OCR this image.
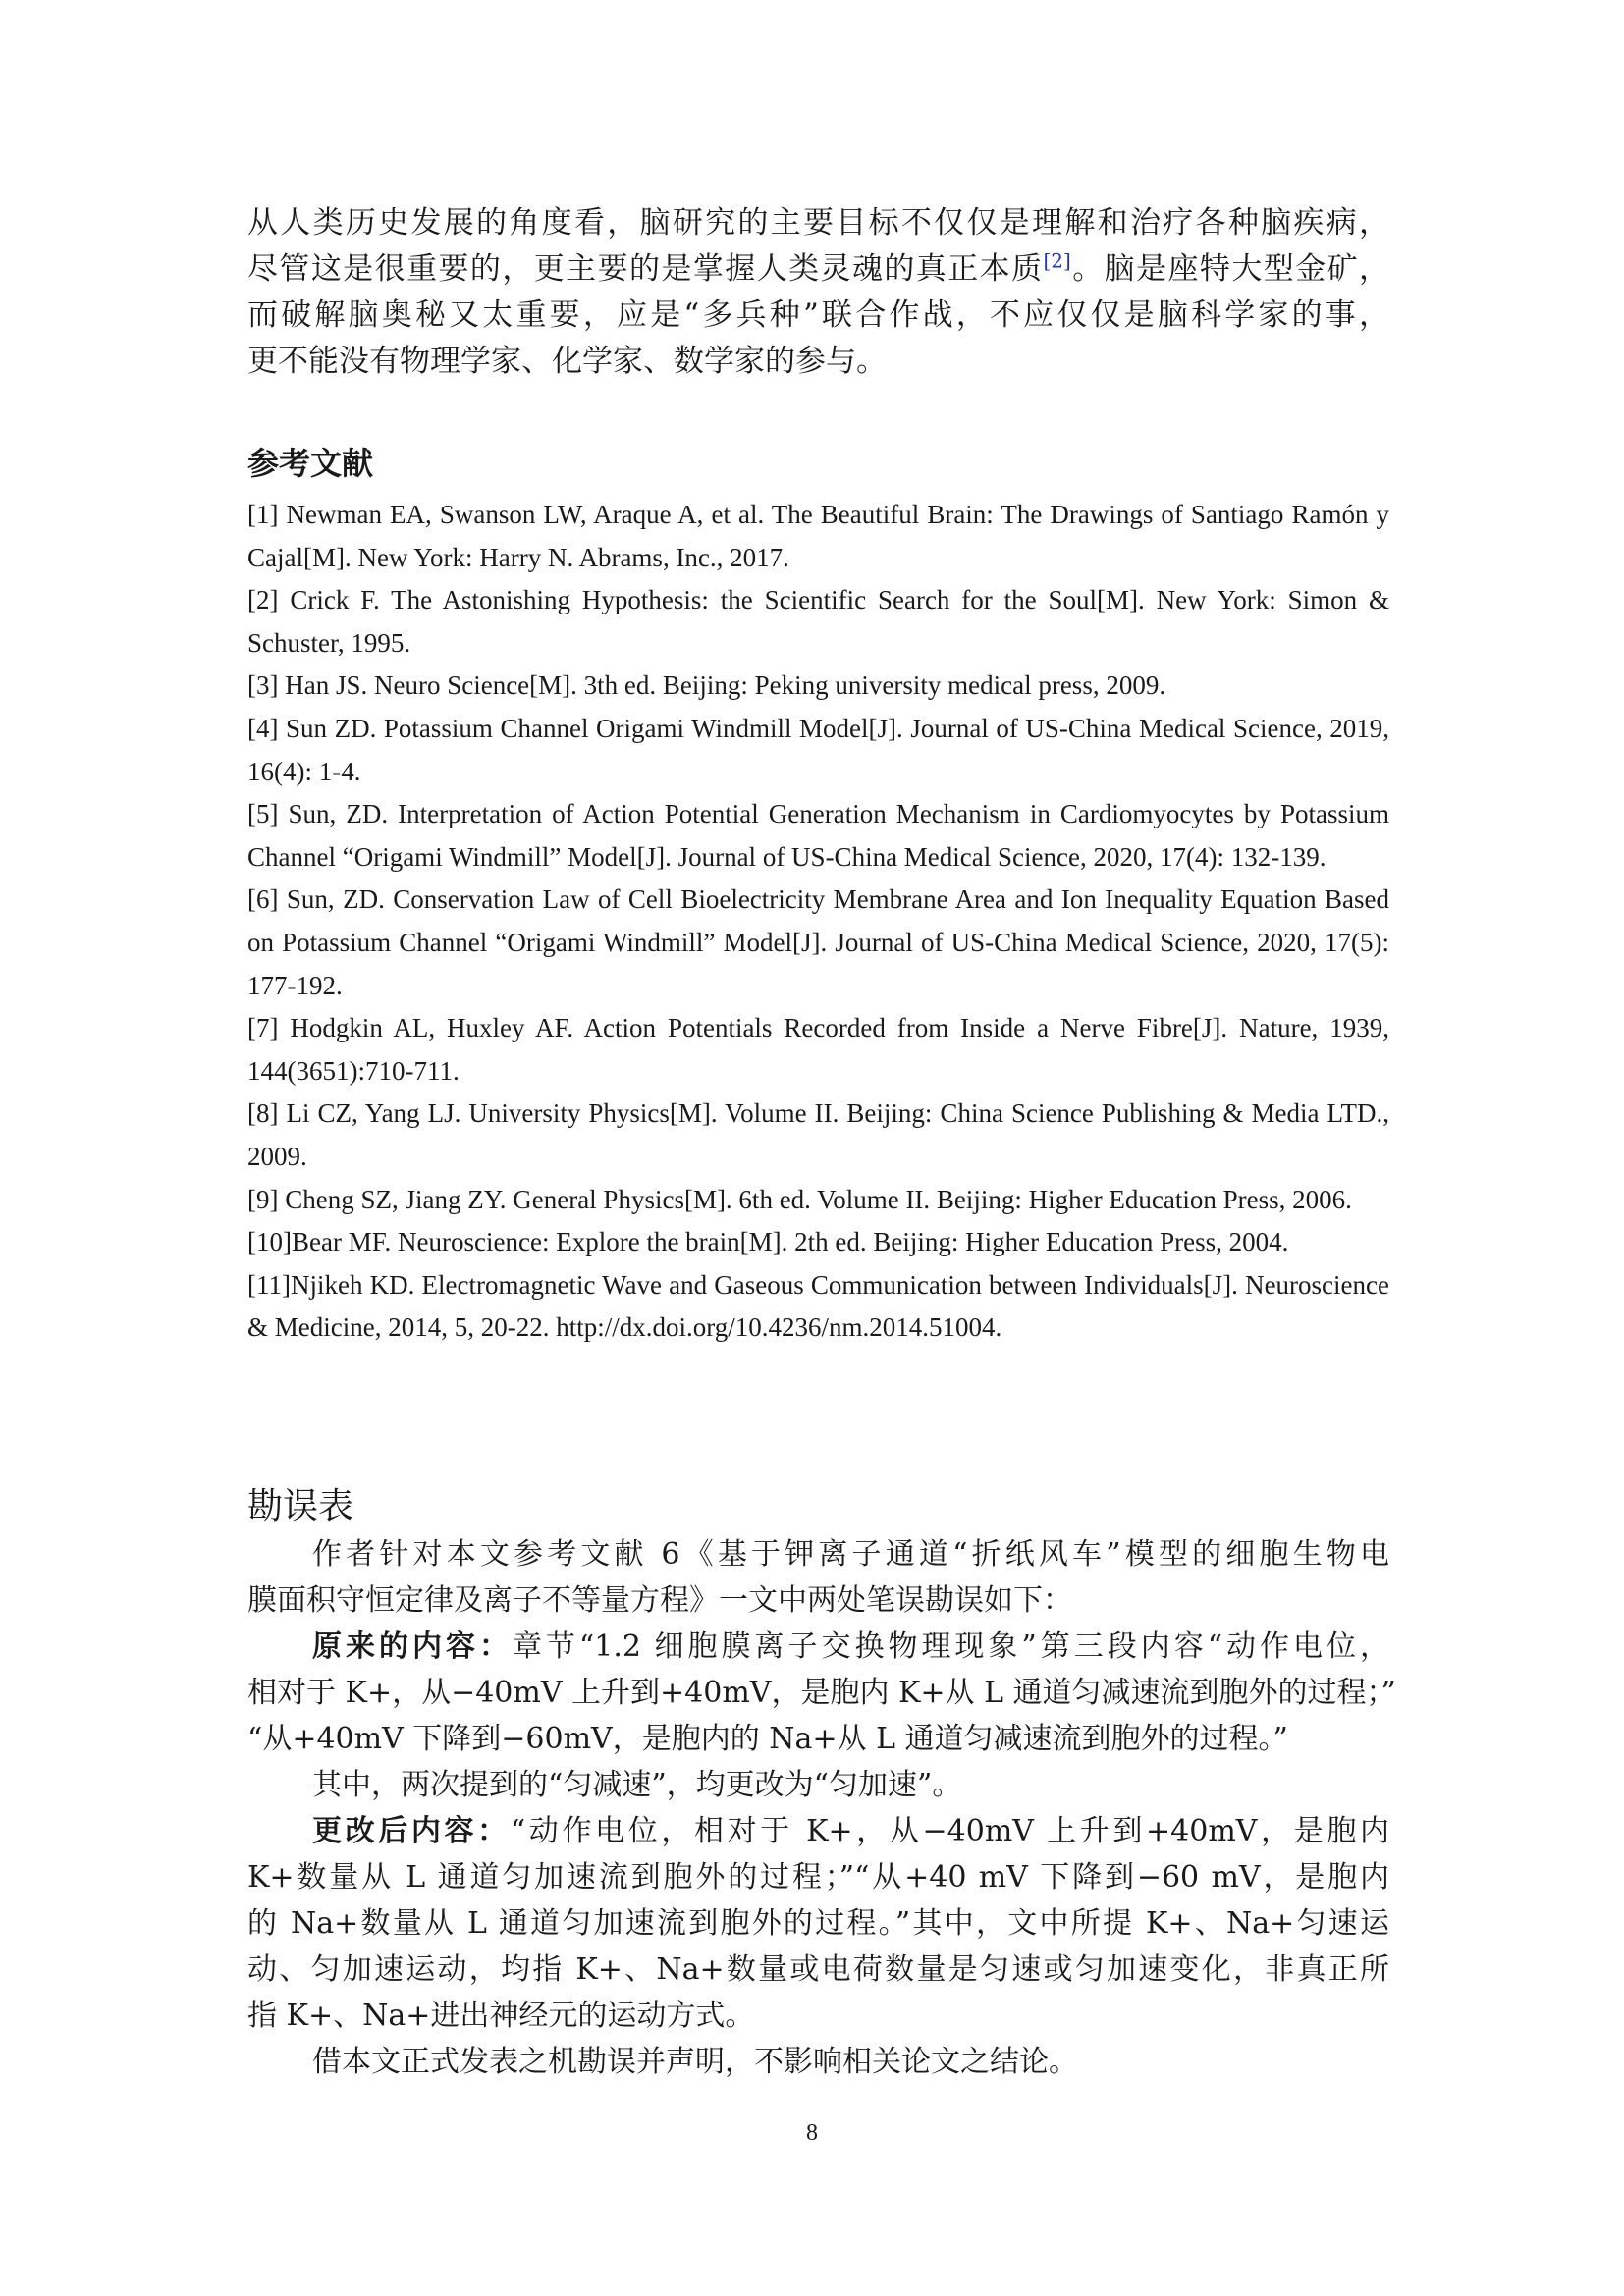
从人类历史发展的角度看，脑研究的主要目标不仅仅是理解和治疗各种脑疾病，
尽管这是很重要的，更主要的是掌握人类灵魂的真正本质[2]。脑是座特大型金矿，
而破解脑奥秘又太重要，应是“多兵种”联合作战，不应仅仅是脑科学家的事，
更不能没有物理学家、化学家、数学家的参与。
参考文献
[1] Newman EA, Swanson LW, Araque A, et al. The Beautiful Brain: The Drawings of Santiago Ramón y Cajal[M]. New York: Harry N. Abrams, Inc., 2017.
[2] Crick F. The Astonishing Hypothesis: the Scientific Search for the Soul[M]. New York: Simon & Schuster, 1995.
[3] Han JS. Neuro Science[M]. 3th ed. Beijing: Peking university medical press, 2009.
[4] Sun ZD. Potassium Channel Origami Windmill Model[J]. Journal of US-China Medical Science, 2019, 16(4): 1-4.
[5] Sun, ZD. Interpretation of Action Potential Generation Mechanism in Cardiomyocytes by Potassium Channel “Origami Windmill” Model[J]. Journal of US-China Medical Science, 2020, 17(4): 132-139.
[6] Sun, ZD. Conservation Law of Cell Bioelectricity Membrane Area and Ion Inequality Equation Based on Potassium Channel “Origami Windmill” Model[J]. Journal of US-China Medical Science, 2020, 17(5): 177-192.
[7] Hodgkin AL, Huxley AF. Action Potentials Recorded from Inside a Nerve Fibre[J]. Nature, 1939, 144(3651):710-711.
[8] Li CZ, Yang LJ. University Physics[M]. Volume II. Beijing: China Science Publishing & Media LTD., 2009.
[9] Cheng SZ, Jiang ZY. General Physics[M]. 6th ed. Volume II. Beijing: Higher Education Press, 2006.
[10]Bear MF. Neuroscience: Explore the brain[M]. 2th ed. Beijing: Higher Education Press, 2004.
[11]Njikeh KD. Electromagnetic Wave and Gaseous Communication between Individuals[J]. Neuroscience & Medicine, 2014, 5, 20-22. http://dx.doi.org/10.4236/nm.2014.51004.
勘误表
作者针对本文参考文献 6《基于钾离子通道“折纸风车”模型的细胞生物电
膜面积守恒定律及离子不等量方程》一文中两处笔误勘误如下：
原来的内容：章节“1.2 细胞膜离子交换物理现象”第三段内容“动作电位，
相对于 K+，从−40mV 上升到+40mV，是胞内 K+从 L 通道匀减速流到胞外的过程；”
“从+40mV 下降到−60mV，是胞内的 Na+从 L 通道匀减速流到胞外的过程。”
其中，两次提到的“匀减速”，均更改为“匀加速”。
更改后内容：“动作电位，相对于 K+，从−40mV 上升到+40mV，是胞内
K+数量从 L 通道匀加速流到胞外的过程；”“从+40 mV 下降到−60 mV，是胞内
的 Na+数量从 L 通道匀加速流到胞外的过程。”其中，文中所提 K+、Na+匀速运
动、匀加速运动，均指 K+、Na+数量或电荷数量是匀速或匀加速变化，非真正所
指 K+、Na+进出神经元的运动方式。
借本文正式发表之机勘误并声明，不影响相关论文之结论。
8
